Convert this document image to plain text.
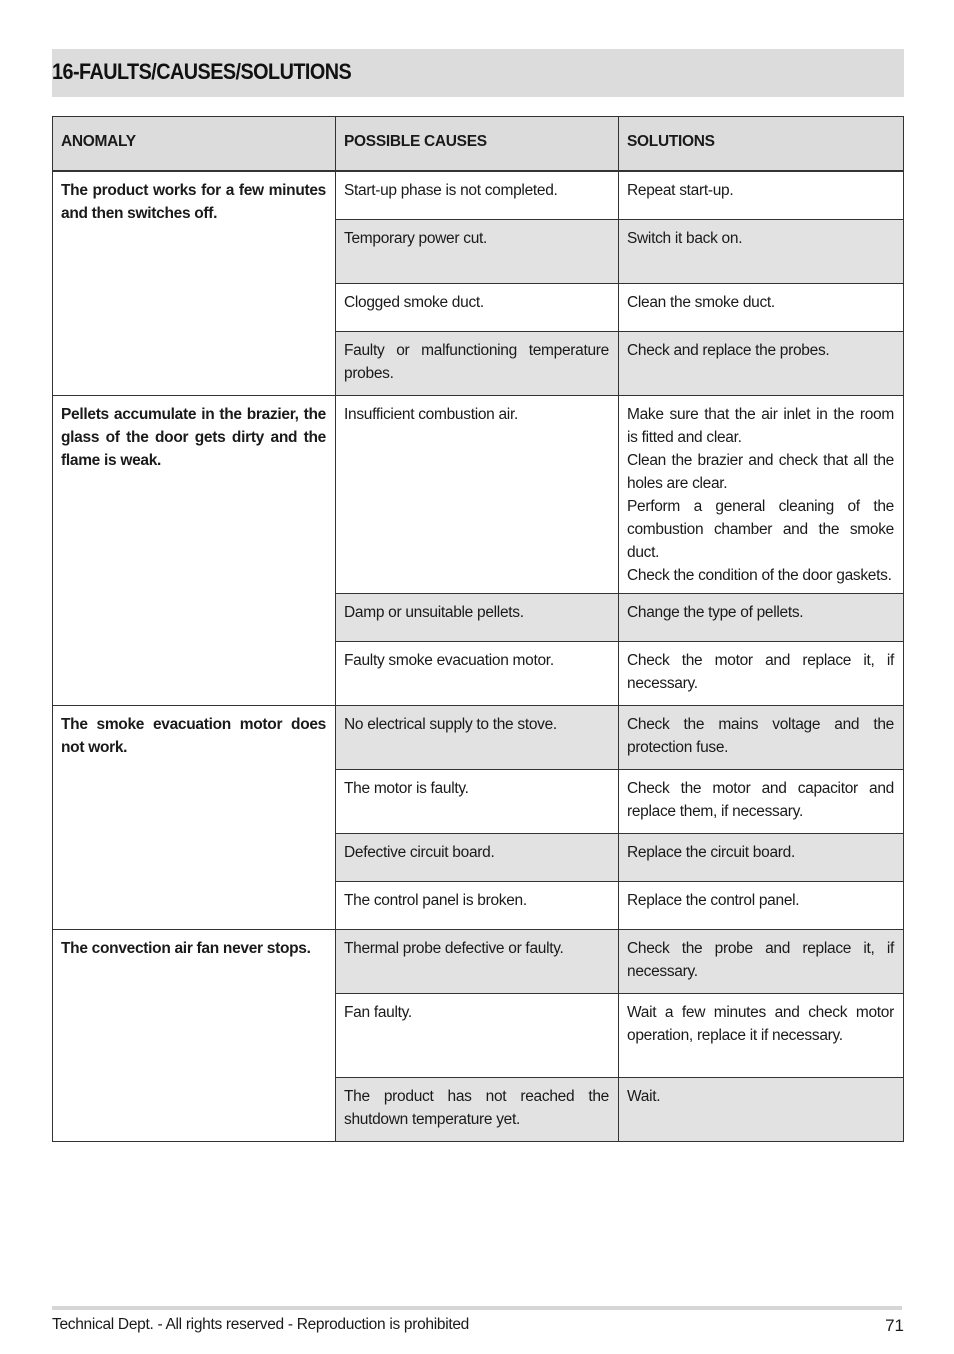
16-FAULTS/CAUSES/SOLUTIONS
ANOMALY	POSSIBLE CAUSES	SOLUTIONS
The product works for a few minutes and then switches off.	Start-up phase is not completed.	Repeat start-up.

	Temporary power cut.	Switch it back on.

	Clogged smoke duct.	Clean the smoke duct.

	Faulty or malfunctioning temperature probes.	Check and replace the probes.

Pellets accumulate in the brazier, the glass of the door gets dirty and the flame is weak.	Insufficient combustion air.	Make sure that the air inlet in the room is fitted and clear.
Clean the brazier and check that all the holes are clear.
Perform a general cleaning of the combustion chamber and the smoke duct.
Check the condition of the door gaskets.

	Damp or unsuitable pellets.	Change the type of pellets.

	Faulty smoke evacuation motor.	Check the motor and replace it, if necessary.

The smoke evacuation motor does not work.	No electrical supply to the stove.	Check the mains voltage and the protection fuse.

	The motor is faulty.	Check the motor and capacitor and replace them, if necessary.

	Defective circuit board.	Replace the circuit board.

	The control panel is broken.	Replace the control panel.

The convection air fan never stops.	Thermal probe defective or faulty.	Check the probe and replace it, if necessary.

	Fan faulty.	Wait a few minutes and check motor operation, replace it if necessary.

	The product has not reached the shutdown temperature yet.	Wait.
Technical Dept. - All rights reserved - Reproduction is prohibited	71
